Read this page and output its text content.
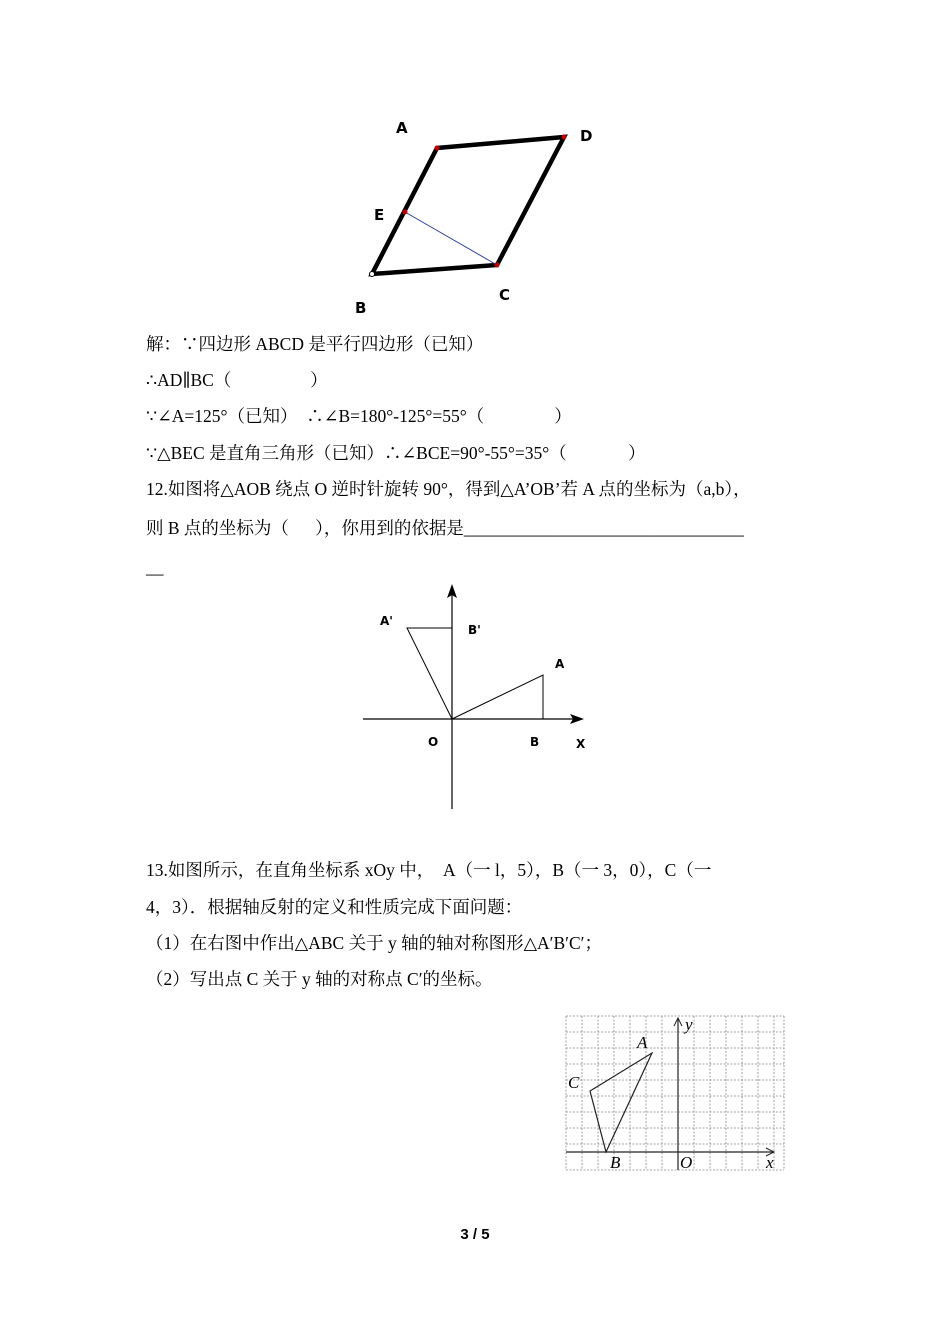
A	D
E
B
C
解：∵四边形 ABCD 是平行四边形（已知）
∴AD∥BC（                  ）
∵∠A=125°（已知）  ∴∠B=180°-125°=55°（                ）
∵△BEC 是直角三角形（已知）∴∠BCE=90°-55°=35°（              ）
12.如图将△AOB 绕点 O 逆时针旋转 90°，得到△A’OB’若 A 点的坐标为（a,b），
则 B 点的坐标为（      ），你用到的依据是________________________________
__
A'
B'
A
O	B	X
13.如图所示，在直角坐标系 xOy 中，  A（一 l，5），B（一 3，0），C（一
4，3）．根据轴反射的定义和性质完成下面问题：
（1）在右图中作出△ABC 关于 y 轴的轴对称图形△A′B′C′；
（2）写出点 C 关于 y 轴的对称点 C′的坐标。
y
A
C
B	O	x
3 / 5
